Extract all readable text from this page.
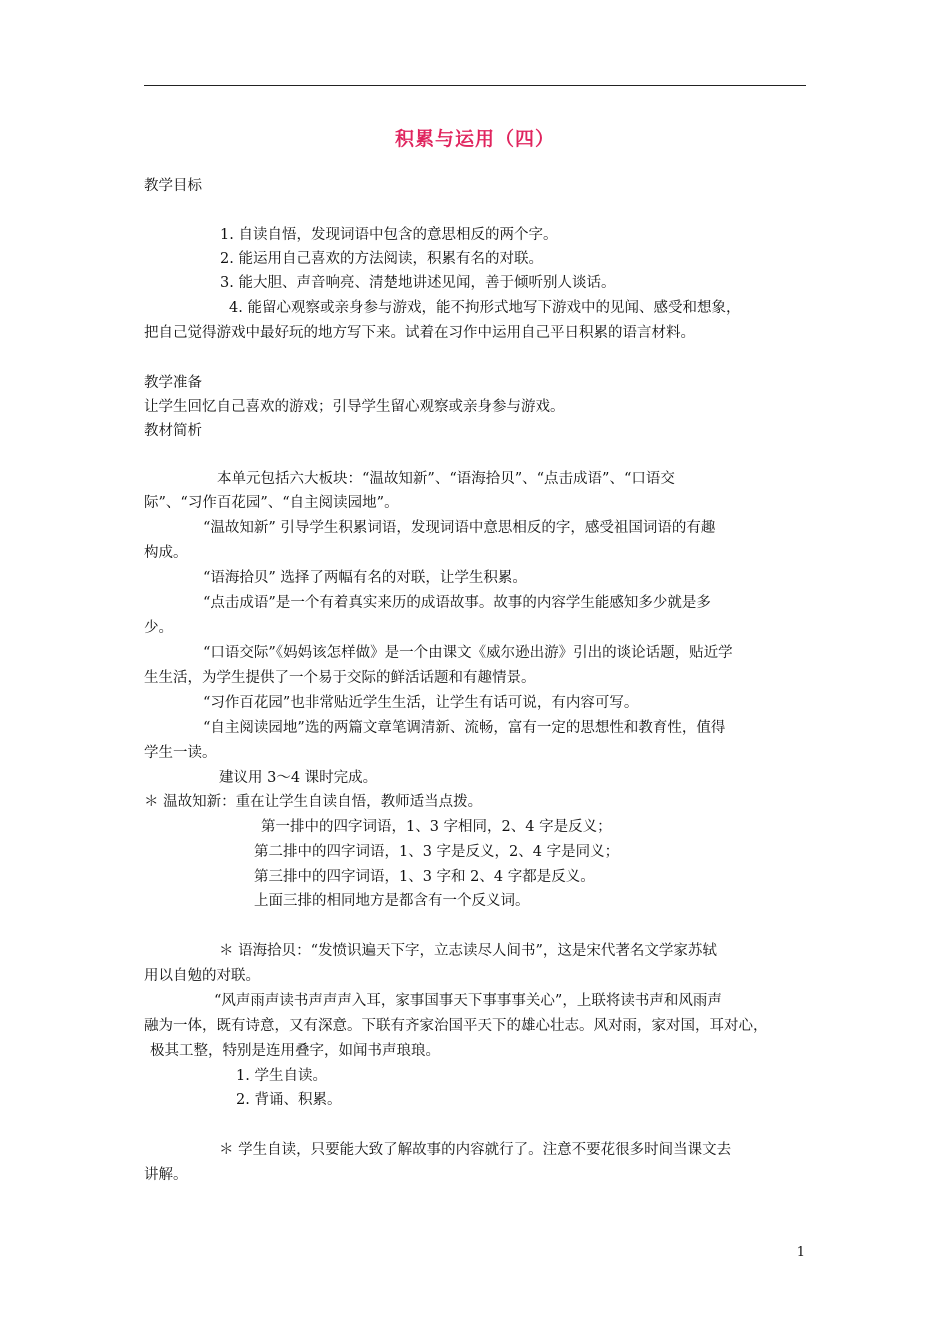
积累与运用（四）
教学目标
1. 自读自悟，发现词语中包含的意思相反的两个字。
2. 能运用自己喜欢的方法阅读，积累有名的对联。
3. 能大胆、声音响亮、清楚地讲述见闻，善于倾听别人谈话。
4. 能留心观察或亲身参与游戏，能不拘形式地写下游戏中的见闻、感受和想象，
把自己觉得游戏中最好玩的地方写下来。试着在习作中运用自己平日积累的语言材料。
教学准备
让学生回忆自己喜欢的游戏；引导学生留心观察或亲身参与游戏。
教材简析
本单元包括六大板块：“温故知新”、“语海拾贝”、“点击成语”、“口语交
际”、“习作百花园”、“自主阅读园地”。
“温故知新” 引导学生积累词语，发现词语中意思相反的字，感受祖国词语的有趣
构成。
“语海拾贝” 选择了两幅有名的对联，让学生积累。
“点击成语”是一个有着真实来历的成语故事。故事的内容学生能感知多少就是多
少。
“口语交际”《妈妈该怎样做》是一个由课文《威尔逊出游》引出的谈论话题，贴近学
生生活，为学生提供了一个易于交际的鲜活话题和有趣情景。
“习作百花园”也非常贴近学生生活，让学生有话可说，有内容可写。
“自主阅读园地”选的两篇文章笔调清新、流畅，富有一定的思想性和教育性，值得
学生一读。
建议用 3～4 课时完成。
＊ 温故知新：重在让学生自读自悟，教师适当点拨。
第一排中的四字词语，1、3 字相同，2、4 字是反义；
第二排中的四字词语，1、3 字是反义，2、4 字是同义；
第三排中的四字词语，1、3 字和 2、4 字都是反义。
上面三排的相同地方是都含有一个反义词。
＊ 语海拾贝：“发愤识遍天下字，立志读尽人间书”，这是宋代著名文学家苏轼
用以自勉的对联。
“风声雨声读书声声声入耳，家事国事天下事事事关心”，上联将读书声和风雨声
融为一体，既有诗意，又有深意。下联有齐家治国平天下的雄心壮志。风对雨，家对国，耳对心，
极其工整，特别是连用叠字，如闻书声琅琅。
1. 学生自读。
2. 背诵、积累。
＊ 学生自读，只要能大致了解故事的内容就行了。注意不要花很多时间当课文去
讲解。
1
